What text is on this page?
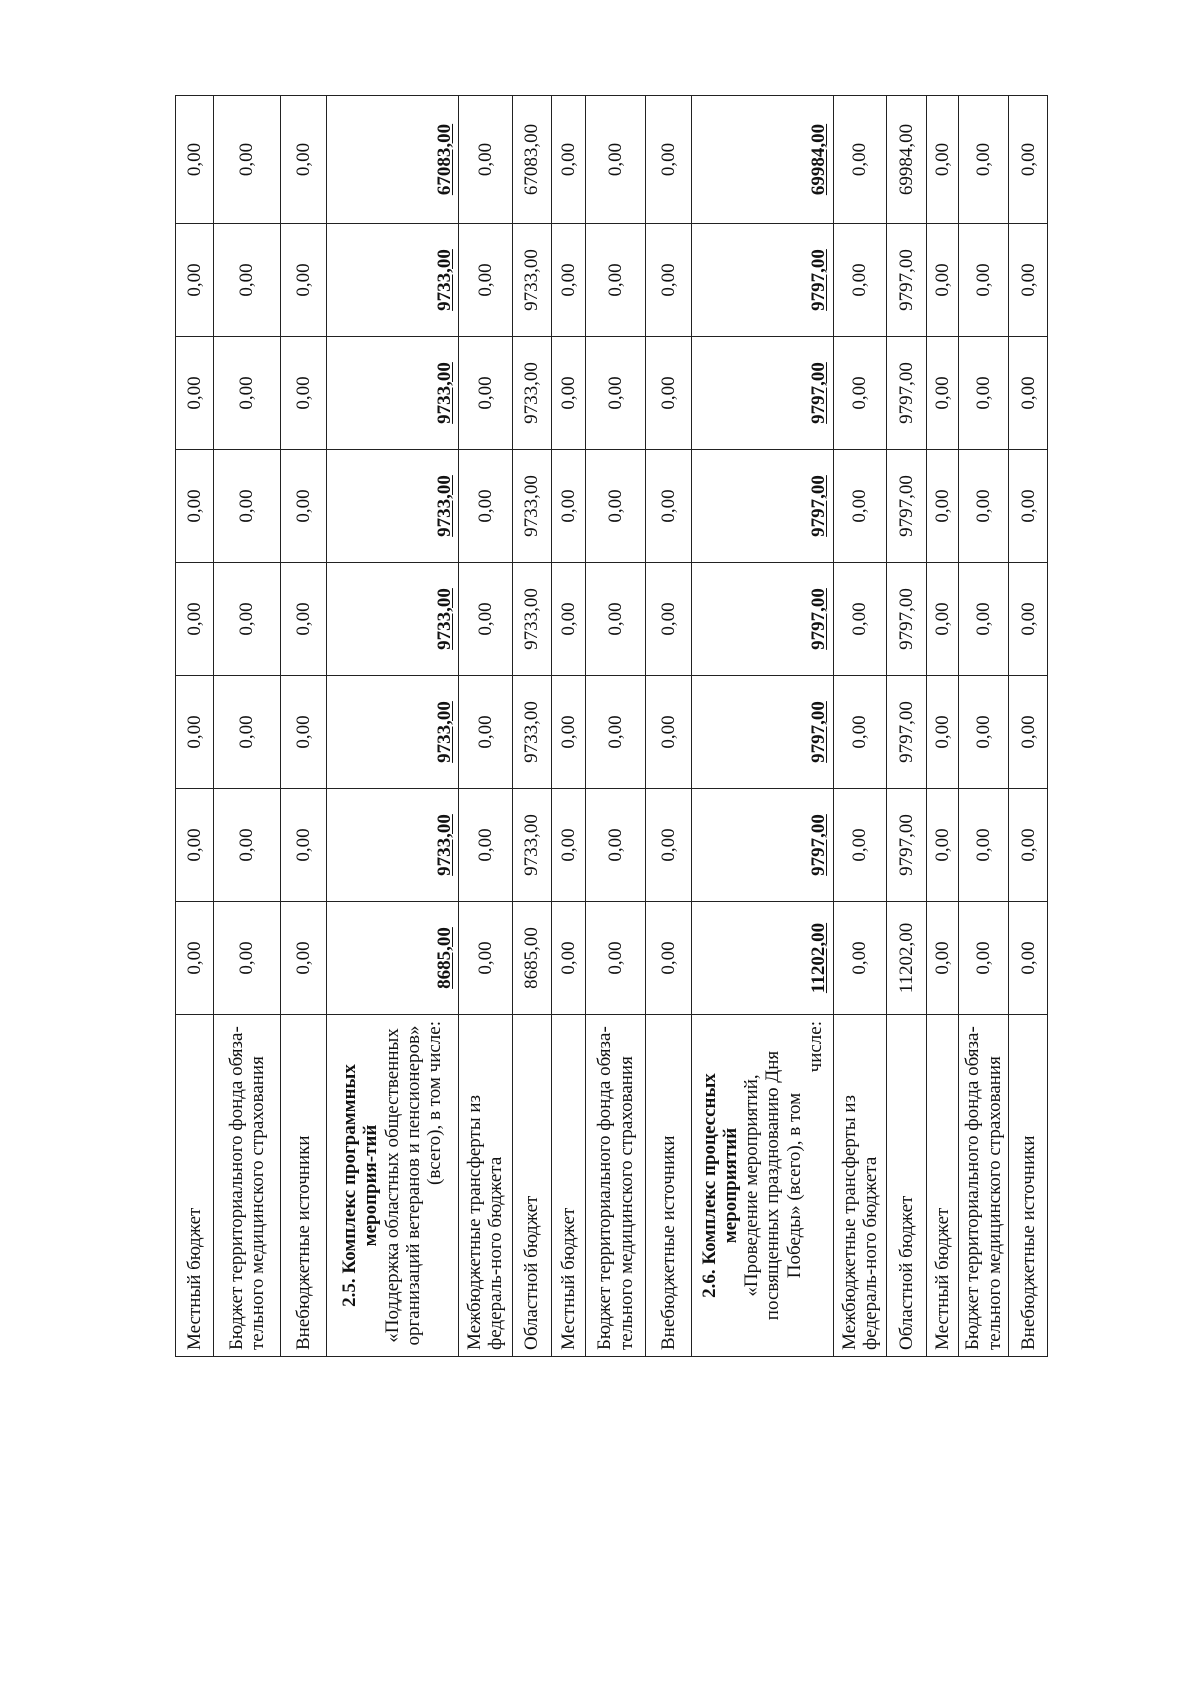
Местный бюджет	0,00	0,00	0,00	0,00	0,00	0,00	0,00	0,00
Бюджет территориального фонда обяза-тельного медицинского страхования	0,00	0,00	0,00	0,00	0,00	0,00	0,00	0,00
Внебюджетные источники	0,00	0,00	0,00	0,00	0,00	0,00	0,00	0,00
2.5. Комплекс программных мероприя-тий «Поддержка областных общественных организаций ветеранов и пенсионеров» (всего), в том числе:	8685,00	9733,00	9733,00	9733,00	9733,00	9733,00	9733,00	67083,00
Межбюджетные трансферты из федераль-ного бюджета	0,00	0,00	0,00	0,00	0,00	0,00	0,00	0,00
Областной бюджет	8685,00	9733,00	9733,00	9733,00	9733,00	9733,00	9733,00	67083,00
Местный бюджет	0,00	0,00	0,00	0,00	0,00	0,00	0,00	0,00
Бюджет территориального фонда обяза-тельного медицинского страхования	0,00	0,00	0,00	0,00	0,00	0,00	0,00	0,00
Внебюджетные источники	0,00	0,00	0,00	0,00	0,00	0,00	0,00	0,00
2.6. Комплекс процессных мероприятий «Проведение мероприятий, посвященных празднованию Дня Победы» (всего), в том
числе:	11202,00	9797,00	9797,00	9797,00	9797,00	9797,00	9797,00	69984,00
Межбюджетные трансферты из федераль-ного бюджета	0,00	0,00	0,00	0,00	0,00	0,00	0,00	0,00
Областной бюджет	11202,00	9797,00	9797,00	9797,00	9797,00	9797,00	9797,00	69984,00
Местный бюджет	0,00	0,00	0,00	0,00	0,00	0,00	0,00	0,00
Бюджет территориального фонда обяза-тельного медицинского страхования	0,00	0,00	0,00	0,00	0,00	0,00	0,00	0,00
Внебюджетные источники	0,00	0,00	0,00	0,00	0,00	0,00	0,00	0,00
